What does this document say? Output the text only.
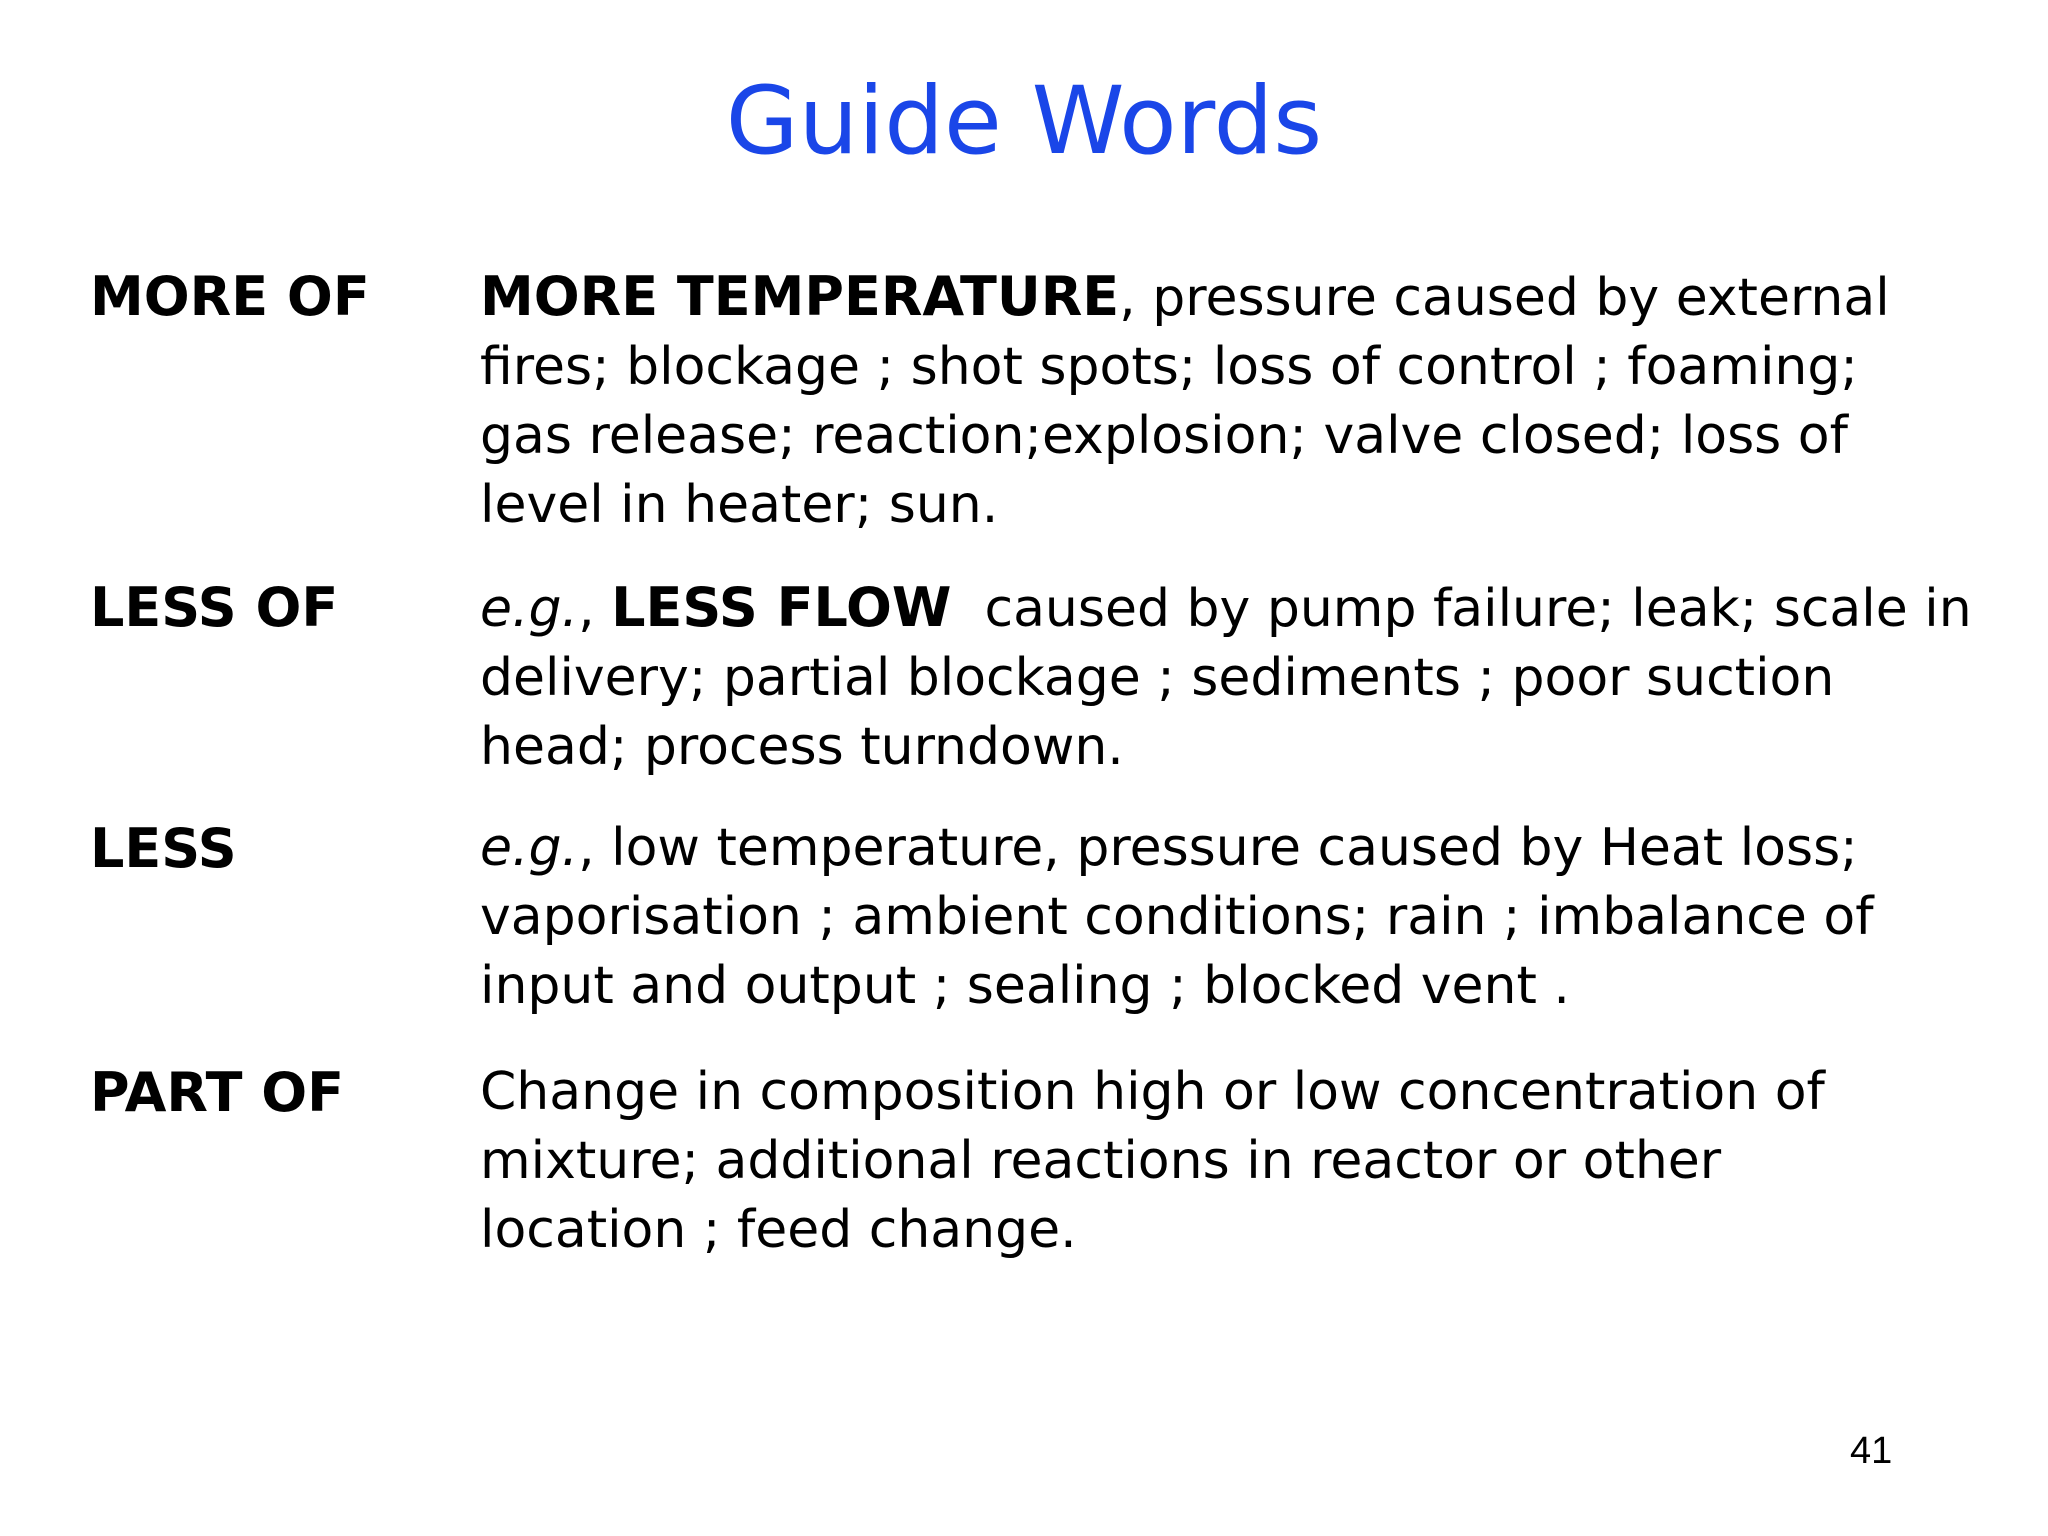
Guide Words
MORE OF	MORE TEMPERATURE, pressure caused by external
fires; blockage ; shot spots; loss of control ; foaming;
gas release; reaction;explosion; valve closed; loss of
level in heater; sun.
LESS OF	e.g., LESS FLOW  caused by pump failure; leak; scale in
delivery; partial blockage ; sediments ; poor suction
head; process turndown.
LESS	e.g., low temperature, pressure caused by Heat loss;
vaporisation ; ambient conditions; rain ; imbalance of
input and output ; sealing ; blocked vent .
PART OF	Change in composition high or low concentration of
mixture; additional reactions in reactor or other
location ; feed change.
41
